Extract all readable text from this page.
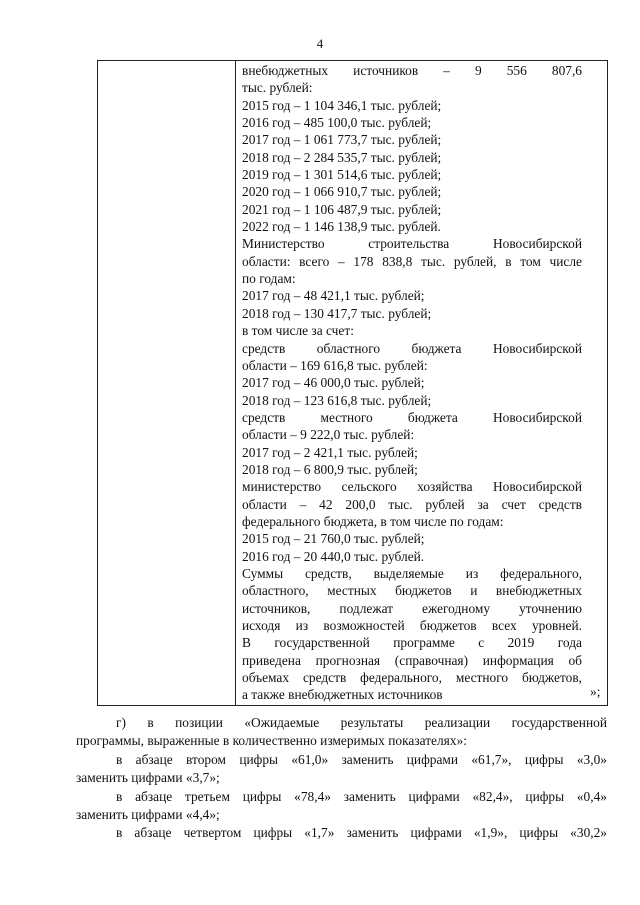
4
внебюджетных источников – 9 556 807,6
тыс. рублей:
2015 год – 1 104 346,1 тыс. рублей;
2016 год – 485 100,0 тыс. рублей;
2017 год – 1 061 773,7 тыс. рублей;
2018 год – 2 284 535,7 тыс. рублей;
2019 год – 1 301 514,6 тыс. рублей;
2020 год – 1 066 910,7 тыс. рублей;
2021 год – 1 106 487,9 тыс. рублей;
2022 год – 1 146 138,9 тыс. рублей.
Министерство строительства Новосибирской
области: всего – 178 838,8 тыс. рублей, в том числе
по годам:
2017 год – 48 421,1 тыс. рублей;
2018 год – 130 417,7 тыс. рублей;
в том числе за счет:
средств областного бюджета Новосибирской
области – 169 616,8 тыс. рублей:
2017 год – 46 000,0 тыс. рублей;
2018 год – 123 616,8 тыс. рублей;
средств местного бюджета Новосибирской
области – 9 222,0 тыс. рублей:
2017 год – 2 421,1 тыс. рублей;
2018 год – 6 800,9 тыс. рублей;
министерство сельского хозяйства Новосибирской
области – 42 200,0 тыс. рублей за счет средств
федерального бюджета, в том числе по годам:
2015 год – 21 760,0 тыс. рублей;
2016 год – 20 440,0 тыс. рублей.
Суммы средств, выделяемые из федерального,
областного, местных бюджетов и внебюджетных
источников, подлежат ежегодному уточнению
исходя из возможностей бюджетов всех уровней.
В государственной программе с 2019 года
приведена прогнозная (справочная) информация об
объемах средств федерального, местного бюджетов,
а также внебюджетных источников	»;
г) в позиции «Ожидаемые результаты реализации государственной
программы, выраженные в количественно измеримых показателях»:
в абзаце втором цифры «61,0» заменить цифрами «61,7», цифры «3,0»
заменить цифрами «3,7»;
в абзаце третьем цифры «78,4» заменить цифрами «82,4», цифры «0,4»
заменить цифрами «4,4»;
в абзаце четвертом цифры «1,7» заменить цифрами «1,9», цифры «30,2»
